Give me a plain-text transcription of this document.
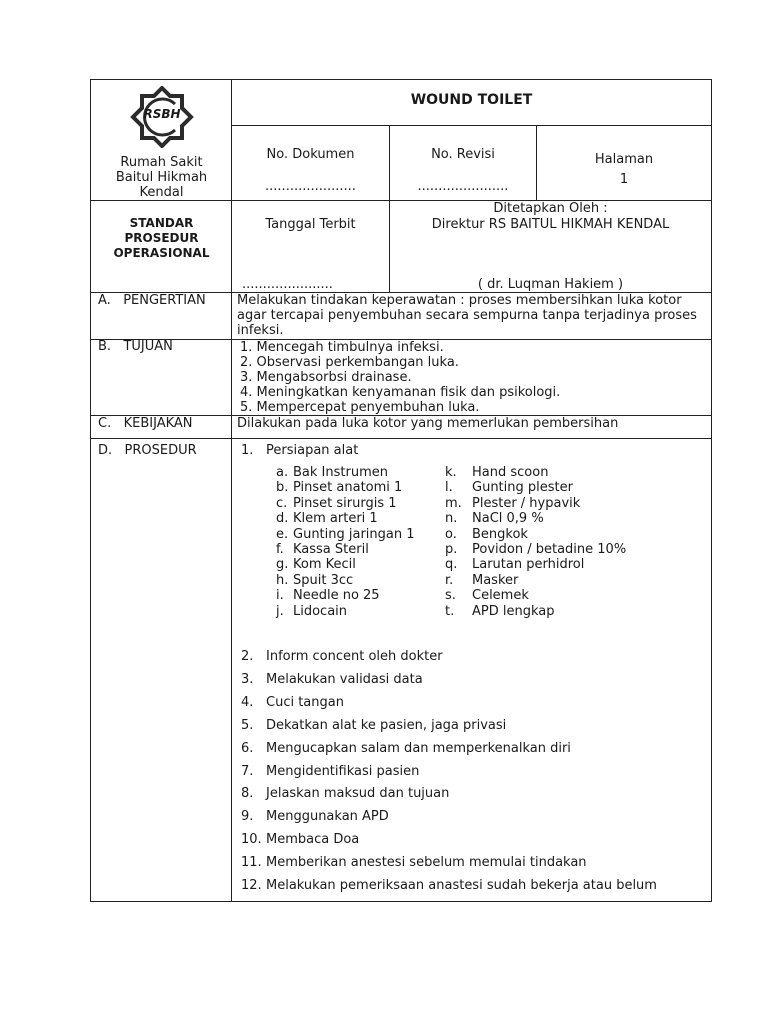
RSBH
Rumah Sakit
Baitul Hikmah
Kendal
WOUND TOILET
No. Dokumen
......................
No. Revisi
......................
Halaman
1
STANDAR
PROSEDUR
OPERASIONAL
Tanggal Terbit
......................
Ditetapkan Oleh :
Direktur RS BAITUL HIKMAH KENDAL
( dr. Luqman Hakiem )
A.   PENGERTIAN Melakukan tindakan keperawatan : proses membersihkan luka kotor
agar tercapai penyembuhan secara sempurna tanpa terjadinya proses
infeksi.
B.   TUJUAN	1. Mencegah timbulnya infeksi.
2. Observasi perkembangan luka.
3. Mengabsorbsi drainase.
4. Meningkatkan kenyamanan fisik dan psikologi.
5. Mempercepat penyembuhan luka.
C.   KEBIJAKAN	Dilakukan pada luka kotor yang memerlukan pembersihan
D.   PROSEDUR	1. Persiapan alat
a. Bak Instrumen
b. Pinset anatomi 1
c. Pinset sirurgis 1
d. Klem arteri 1
e. Gunting jaringan 1
f. Kassa Steril
g. Kom Kecil
h. Spuit 3cc
i. Needle no 25
j. Lidocain
k. Hand scoon
l. Gunting plester
m. Plester / hypavik
n. NaCl 0,9 %
o. Bengkok
p. Povidon / betadine 10%
q. Larutan perhidrol
r. Masker
s. Celemek
t. APD lengkap
2. Inform concent oleh dokter
3. Melakukan validasi data
4. Cuci tangan
5. Dekatkan alat ke pasien, jaga privasi
6. Mengucapkan salam dan memperkenalkan diri
7. Mengidentifikasi pasien
8. Jelaskan maksud dan tujuan
9. Menggunakan APD
10. Membaca Doa
11. Memberikan anestesi sebelum memulai tindakan
12. Melakukan pemeriksaan anastesi sudah bekerja atau belum
